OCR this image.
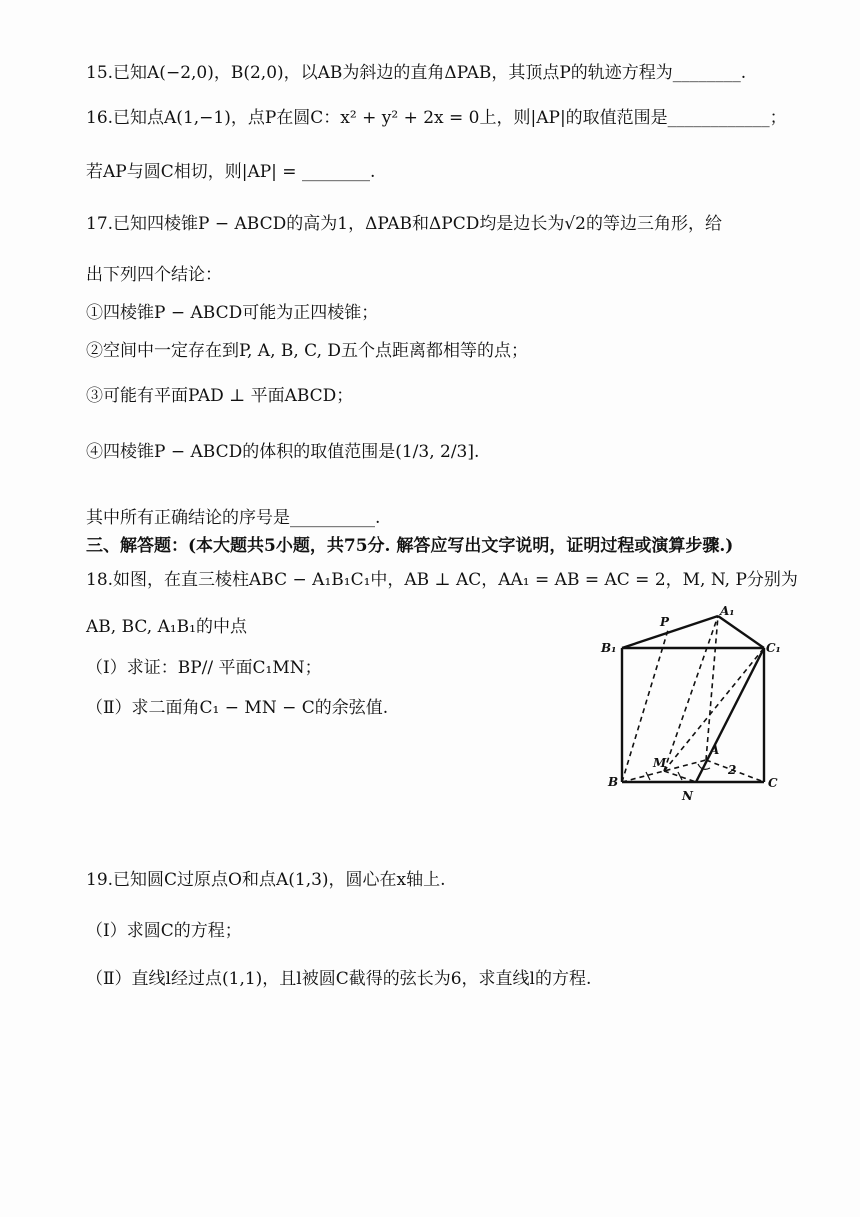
15.已知A(−2,0)，B(2,0)，以AB为斜边的直角ΔPAB，其顶点P的轨迹方程为________.
16.已知点A(1,−1)，点P在圆C：x² + y² + 2x = 0上，则|AP|的取值范围是____________；
若AP与圆C相切，则|AP| = ________.
17.已知四棱锥P − ABCD的高为1，ΔPAB和ΔPCD均是边长为√2的等边三角形，给
出下列四个结论：
①四棱锥P − ABCD可能为正四棱锥；
②空间中一定存在到P, A, B, C, D五个点距离都相等的点；
③可能有平面PAD ⊥ 平面ABCD；
④四棱锥P − ABCD的体积的取值范围是(1/3, 2/3].
其中所有正确结论的序号是__________.
三、解答题：(本大题共5小题，共75分. 解答应写出文字说明，证明过程或演算步骤.)
18.如图，在直三棱柱ABC − A₁B₁C₁中，AB ⊥ AC，AA₁ = AB = AC = 2，M, N, P分别为
AB, BC, A₁B₁的中点
（Ⅰ）求证：BP// 平面C₁MN；
（Ⅱ）求二面角C₁ − MN − C的余弦值.
A₁
P
B₁	C₁
M
A
2
B	C
N
19.已知圆C过原点O和点A(1,3)，圆心在x轴上.
（Ⅰ）求圆C的方程；
（Ⅱ）直线l经过点(1,1)，且l被圆C截得的弦长为6，求直线l的方程.
